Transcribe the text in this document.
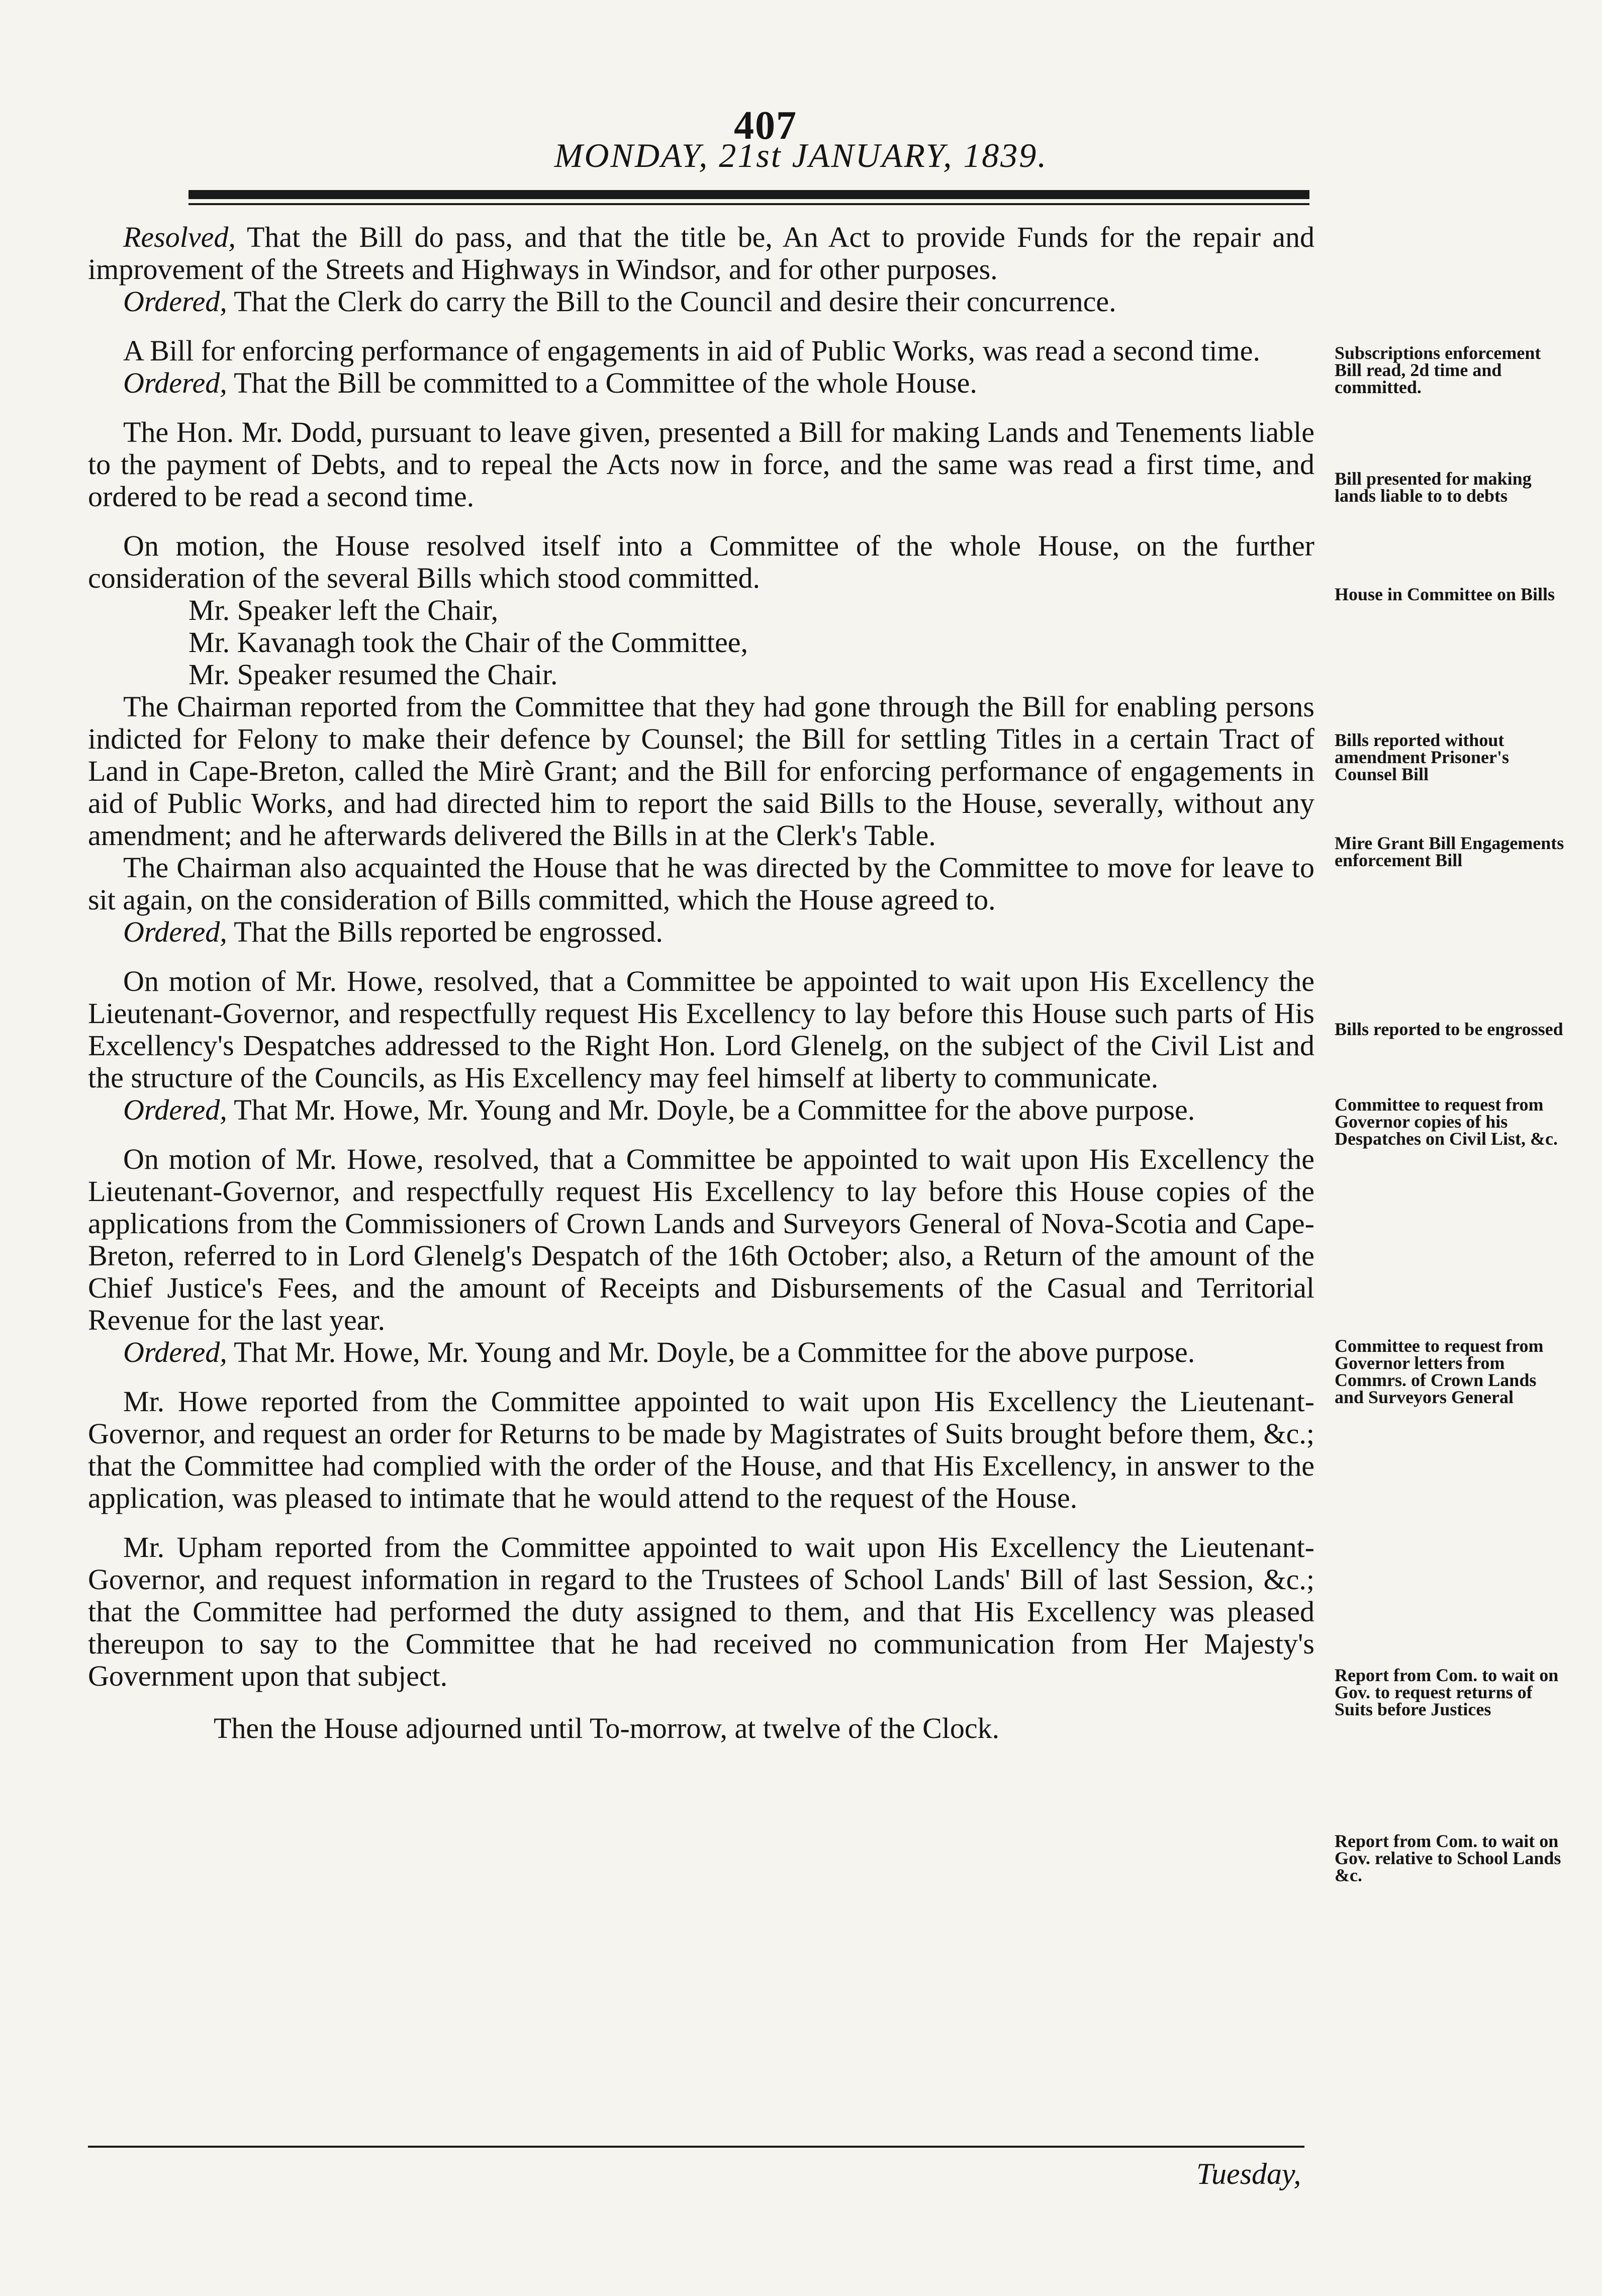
407
MONDAY, 21st JANUARY, 1839.

Resolved, That the Bill do pass, and that the title be, An Act to provide Funds for the repair and improvement of the Streets and Highways in Windsor, and for other purposes.

Ordered, That the Clerk do carry the Bill to the Council and desire their concurrence.

A Bill for enforcing performance of engagements in aid of Public Works, was read a second time.

Ordered, That the Bill be committed to a Committee of the whole House.

The Hon. Mr. Dodd, pursuant to leave given, presented a Bill for making Lands and Tenements liable to the payment of Debts, and to repeal the Acts now in force, and the same was read a first time, and ordered to be read a second time.

On motion, the House resolved itself into a Committee of the whole House, on the further consideration of the several Bills which stood committed.

Mr. Speaker left the Chair,

Mr. Kavanagh took the Chair of the Committee,

Mr. Speaker resumed the Chair.

The Chairman reported from the Committee that they had gone through the Bill for enabling persons indicted for Felony to make their defence by Counsel; the Bill for settling Titles in a certain Tract of Land in Cape-Breton, called the Mirè Grant; and the Bill for enforcing performance of engagements in aid of Public Works, and had directed him to report the said Bills to the House, severally, without any amendment; and he afterwards delivered the Bills in at the Clerk's Table.

The Chairman also acquainted the House that he was directed by the Committee to move for leave to sit again, on the consideration of Bills committed, which the House agreed to.

Ordered, That the Bills reported be engrossed.

On motion of Mr. Howe, resolved, that a Committee be appointed to wait upon His Excellency the Lieutenant-Governor, and respectfully request His Excellency to lay before this House such parts of His Excellency's Despatches addressed to the Right Hon. Lord Glenelg, on the subject of the Civil List and the structure of the Councils, as His Excellency may feel himself at liberty to communicate.

Ordered, That Mr. Howe, Mr. Young and Mr. Doyle, be a Committee for the above purpose.

On motion of Mr. Howe, resolved, that a Committee be appointed to wait upon His Excellency the Lieutenant-Governor, and respectfully request His Excellency to lay before this House copies of the applications from the Commissioners of Crown Lands and Surveyors General of Nova-Scotia and Cape-Breton, referred to in Lord Glenelg's Despatch of the 16th October; also, a Return of the amount of the Chief Justice's Fees, and the amount of Receipts and Disbursements of the Casual and Territorial Revenue for the last year.

Ordered, That Mr. Howe, Mr. Young and Mr. Doyle, be a Committee for the above purpose.

Mr. Howe reported from the Committee appointed to wait upon His Excellency the Lieutenant-Governor, and request an order for Returns to be made by Magistrates of Suits brought before them, &c.; that the Committee had complied with the order of the House, and that His Excellency, in answer to the application, was pleased to intimate that he would attend to the request of the House.

Mr. Upham reported from the Committee appointed to wait upon His Excellency the Lieutenant-Governor, and request information in regard to the Trustees of School Lands' Bill of last Session, &c.; that the Committee had performed the duty assigned to them, and that His Excellency was pleased thereupon to say to the Committee that he had received no communication from Her Majesty's Government upon that subject.

Then the House adjourned until To-morrow, at twelve of the Clock.

Subscriptions enforcement Bill read, 2d time and committed.
Bill presented for making lands liable to to debts
House in Committee on Bills
Bills reported without amendment Prisoner's Counsel Bill
Mire Grant Bill Engagements enforcement Bill
Bills reported to be engrossed
Committee to request from Governor copies of his Despatches on Civil List, &c.
Committee to request from Governor letters from Commrs. of Crown Lands and Surveyors General
Report from Com. to wait on Gov. to request returns of Suits before Justices
Report from Com. to wait on Gov. relative to School Lands &c.
Tuesday,
